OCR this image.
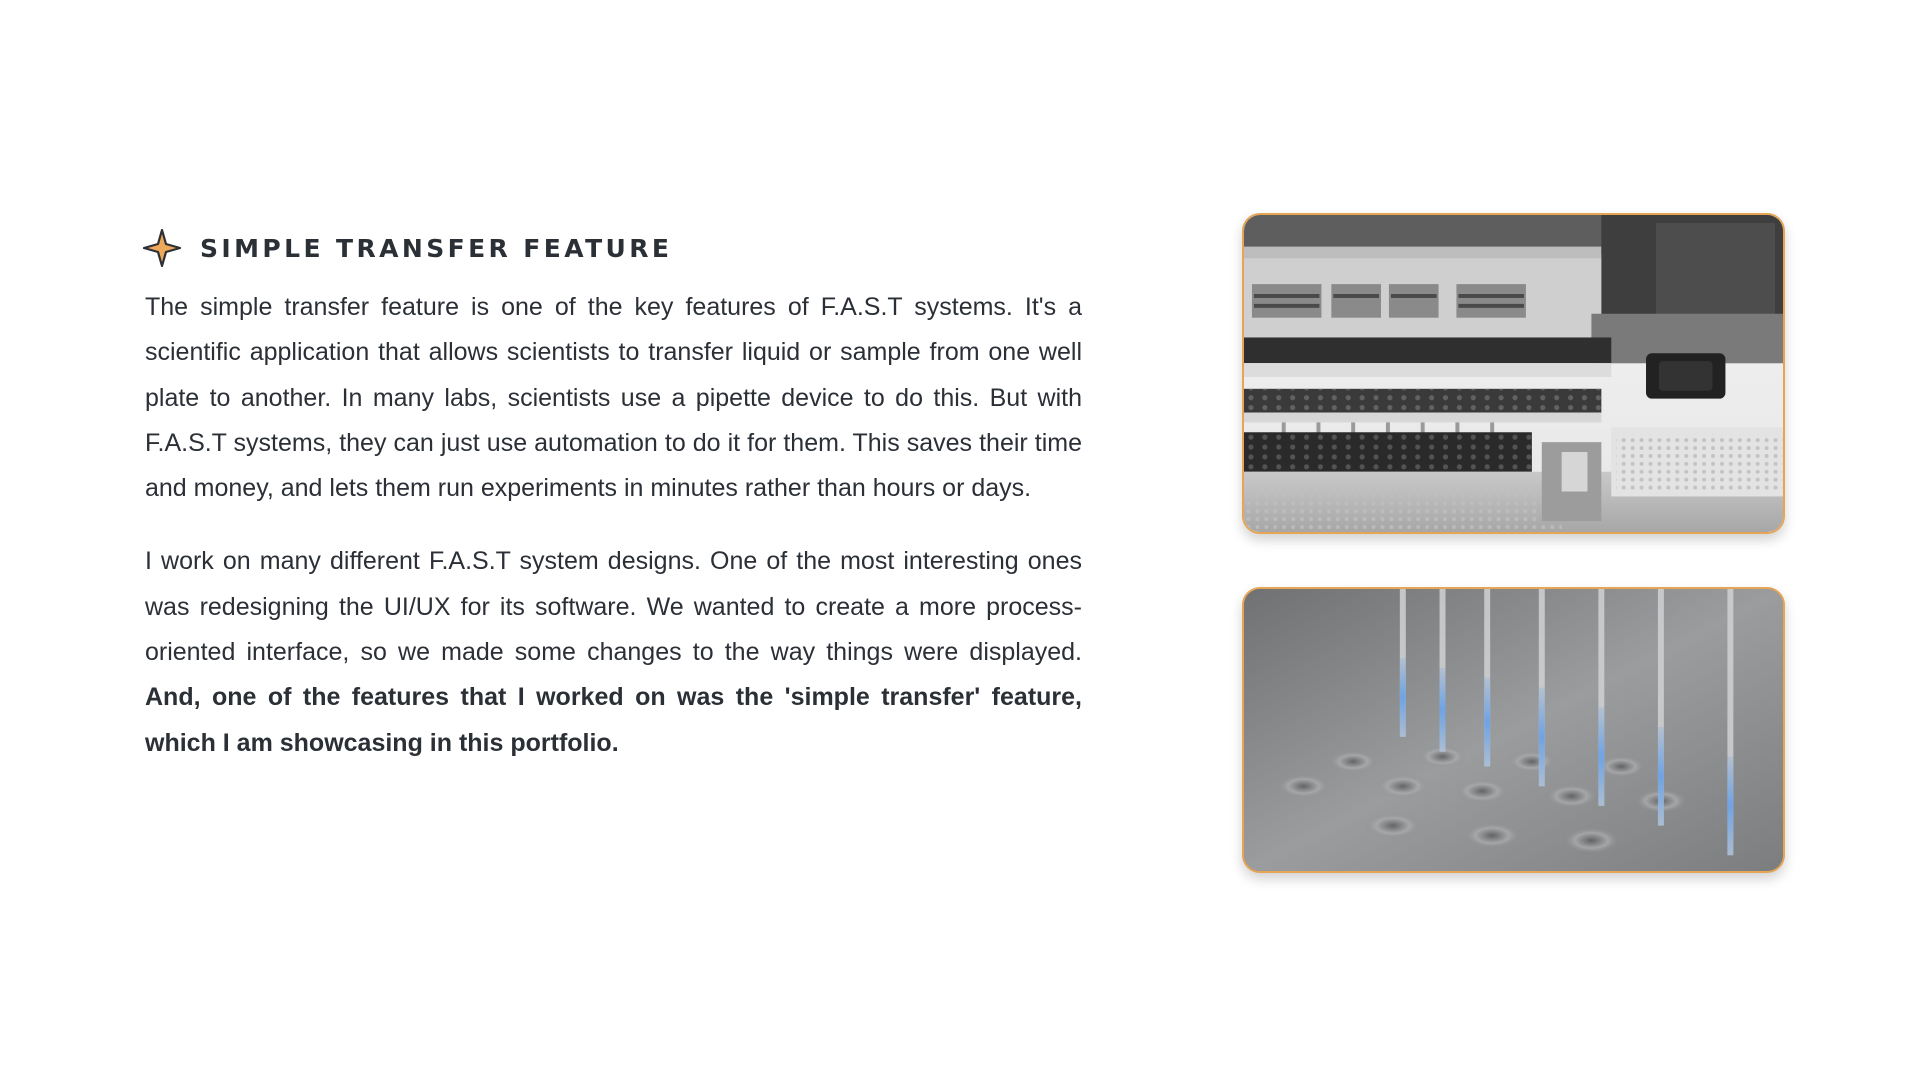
SIMPLE TRANSFER FEATURE

The simple transfer feature is one of the key features of F.A.S.T systems. It's a scientific application that allows scientists to transfer liquid or sample from one well plate to another. In many labs, scientists use a pipette device to do this. But with F.A.S.T systems, they can just use automation to do it for them. This saves their time and money, and lets them run experiments in minutes rather than hours or days.

I work on many different F.A.S.T system designs. One of the most interesting ones was redesigning the UI/UX for its software. We wanted to create a more process-oriented interface, so we made some changes to the way things were displayed. And, one of the features that I worked on was the 'simple transfer' feature, which I am showcasing in this portfolio.
